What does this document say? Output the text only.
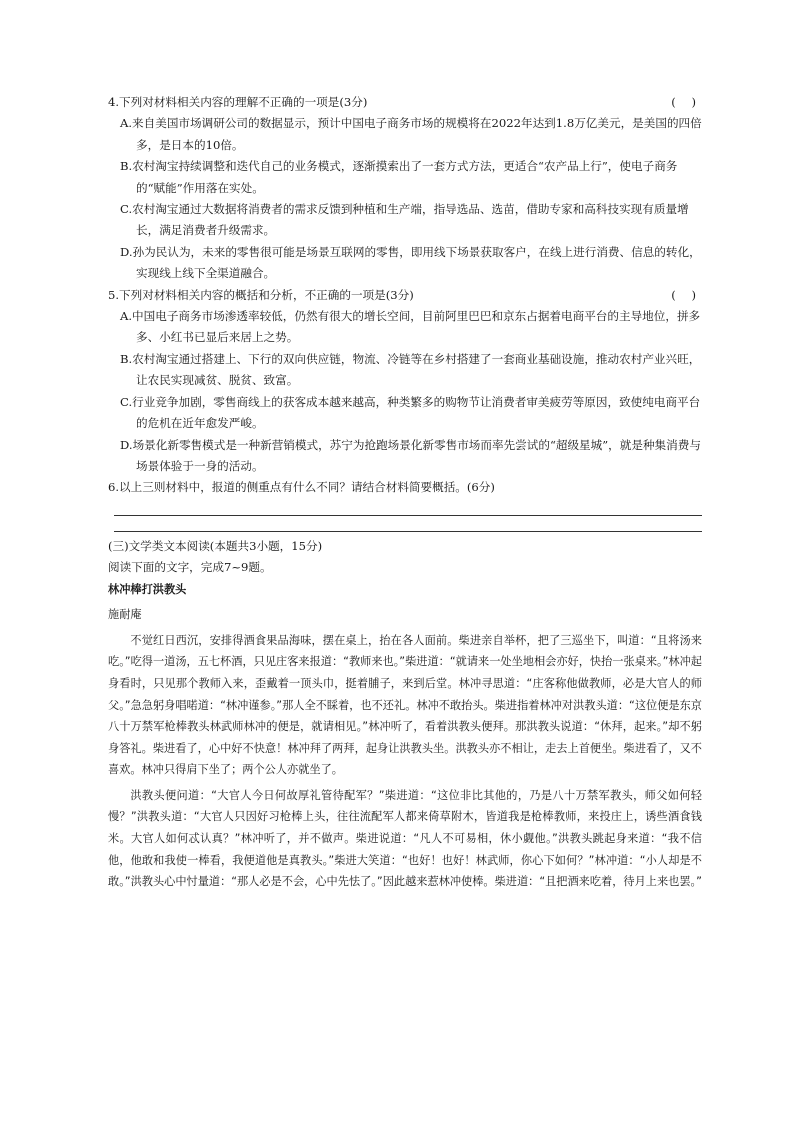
4.下列对材料相关内容的理解不正确的一项是(3分)	( )

A.来自美国市场调研公司的数据显示，预计中国电子商务市场的规模将在2022年达到1.8万亿美元，是美国的四倍多，是日本的10倍。

B.农村淘宝持续调整和迭代自己的业务模式，逐渐摸索出了一套方式方法，更适合“农产品上行”，使电子商务的“赋能”作用落在实处。

C.农村淘宝通过大数据将消费者的需求反馈到种植和生产端，指导选品、选苗，借助专家和高科技实现有质量增长，满足消费者升级需求。

D.孙为民认为，未来的零售很可能是场景互联网的零售，即用线下场景获取客户，在线上进行消费、信息的转化，实现线上线下全渠道融合。

5.下列对材料相关内容的概括和分析，不正确的一项是(3分)	( )

A.中国电子商务市场渗透率较低，仍然有很大的增长空间，目前阿里巴巴和京东占据着电商平台的主导地位，拼多多、小红书已显后来居上之势。

B.农村淘宝通过搭建上、下行的双向供应链，物流、冷链等在乡村搭建了一套商业基础设施，推动农村产业兴旺，让农民实现减贫、脱贫、致富。

C.行业竞争加剧，零售商线上的获客成本越来越高，种类繁多的购物节让消费者审美疲劳等原因，致使纯电商平台的危机在近年愈发严峻。

D.场景化新零售模式是一种新营销模式，苏宁为抢跑场景化新零售市场而率先尝试的“超级星城”，就是种集消费与场景体验于一身的活动。

6.以上三则材料中，报道的侧重点有什么不同？请结合材料简要概括。(6分)

(三)文学类文本阅读(本题共3小题，15分)

阅读下面的文字，完成7~9题。

林冲棒打洪教头

施耐庵

不觉红日西沉，安排得酒食果品海味，摆在桌上，抬在各人面前。柴进亲自举杯，把了三巡坐下，叫道：“且将汤来吃。”吃得一道汤，五七杯酒，只见庄客来报道：“教师来也。”柴进道：“就请来一处坐地相会亦好，快抬一张桌来。”林冲起身看时，只见那个教师入来，歪戴着一顶头巾，挺着脯子，来到后堂。林冲寻思道：“庄客称他做教师，必是大官人的师父。”急急躬身唱喏道：“林冲谨参。”那人全不睬着，也不还礼。林冲不敢抬头。柴进指着林冲对洪教头道：“这位便是东京八十万禁军枪棒教头林武师林冲的便是，就请相见。”林冲听了，看着洪教头便拜。那洪教头说道：“休拜，起来。”却不躬身答礼。柴进看了，心中好不快意！林冲拜了两拜，起身让洪教头坐。洪教头亦不相让，走去上首便坐。柴进看了，又不喜欢。林冲只得肩下坐了；两个公人亦就坐了。

洪教头便问道：“大官人今日何故厚礼管待配军？”柴进道：“这位非比其他的，乃是八十万禁军教头，师父如何轻慢？”洪教头道：“大官人只因好习枪棒上头，往往流配军人都来倚草附木，皆道我是枪棒教师，来投庄上，诱些酒食钱米。大官人如何忒认真？”林冲听了，并不做声。柴进说道：“凡人不可易相，休小觑他。”洪教头跳起身来道：“我不信他，他敢和我使一棒看，我便道他是真教头。”柴进大笑道：“也好！也好！林武师，你心下如何？”林冲道：“小人却是不敢。”洪教头心中忖量道：“那人必是不会，心中先怯了。”因此越来惹林冲使棒。柴进道：“且把酒来吃着，待月上来也罢。”
